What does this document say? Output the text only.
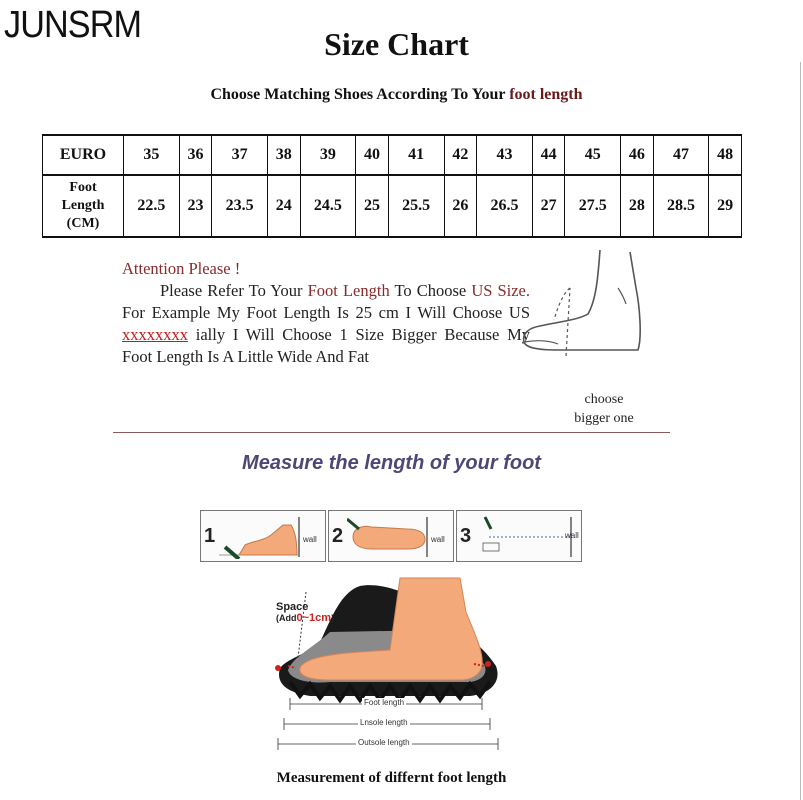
JUNSRM	Size Chart
Choose Matching Shoes According To Your foot length
EURO	35	36	37	38	39	40	41	42	43	44	45	46	47	48
Foot
Length
(CM)	22.5	23	23.5	24	24.5	25	25.5	26	26.5	27	27.5	28	28.5	29
Attention Please !
Please Refer To Your Foot Length To Choose US Size. For Example My Foot Length Is 25 cm I Will Choose US xxxxxxxx ially I Will Choose 1 Size Bigger Because My Foot Length Is A Little Wide And Fat
choose
bigger one
Measure the length of your foot
1	wall 2	wall 3	wall
Space
(Add0~1cm)
Foot length
Lnsole length
Outsole length
Measurement of differnt foot length
